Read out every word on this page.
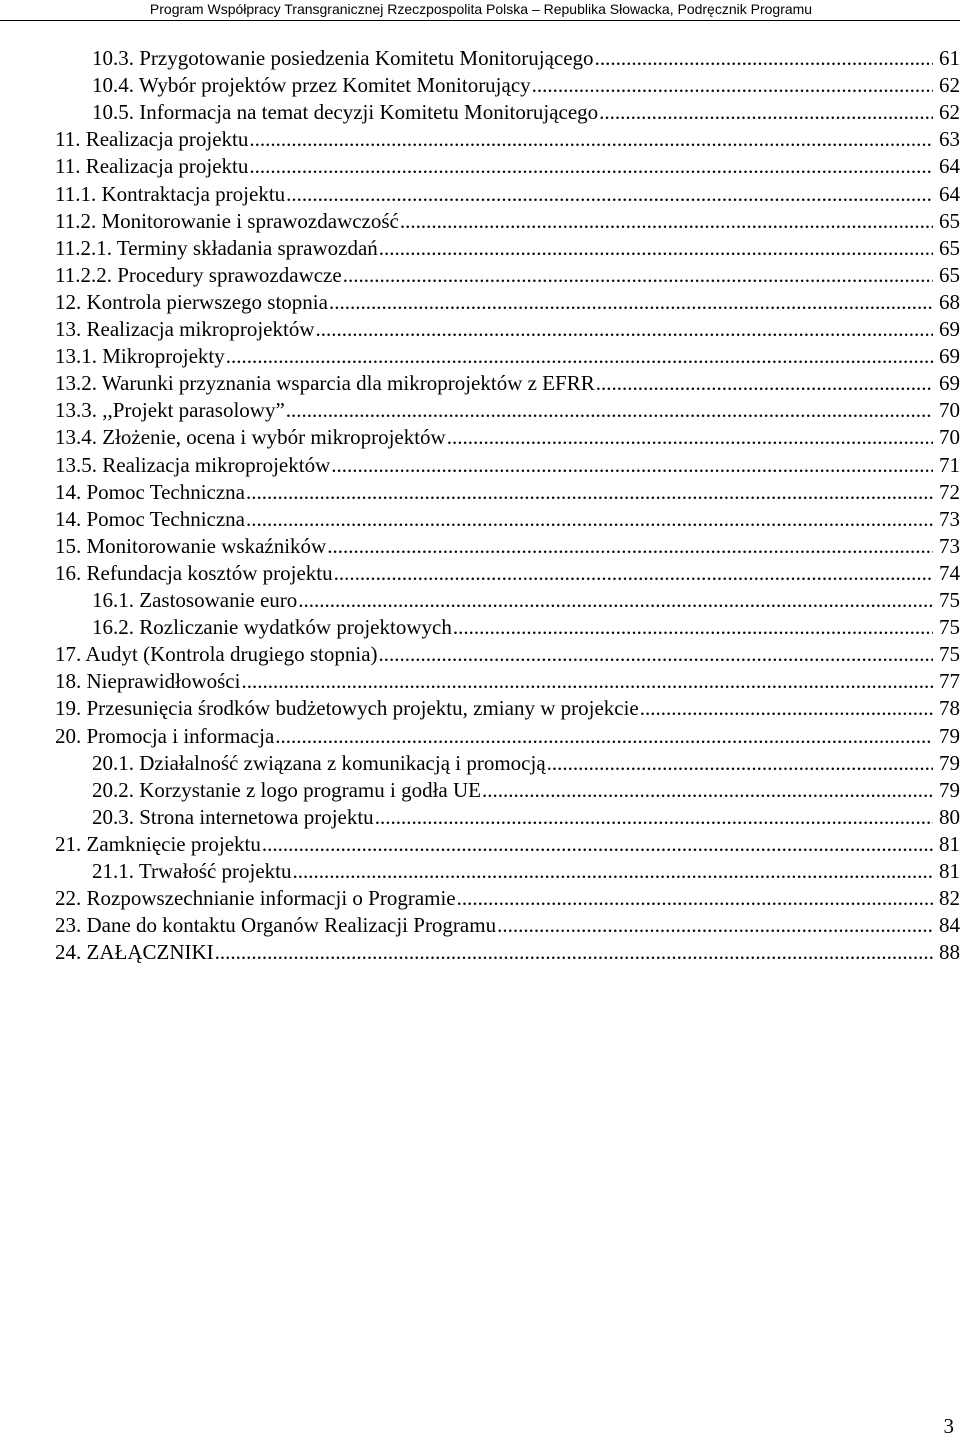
Program Współpracy Transgranicznej Rzeczpospolita Polska – Republika Słowacka, Podręcznik Programu
10.3. Przygotowanie posiedzenia Komitetu Monitorującego .....	61
10.4. Wybór projektów przez Komitet Monitorujący .....	62
10.5. Informacja na temat decyzji Komitetu Monitorującego .....	62
11. Realizacja projektu .....	63
11. Realizacja projektu .....	64
11.1. Kontraktacja projektu .....	64
11.2. Monitorowanie i sprawozdawczość .....	65
11.2.1. Terminy składania sprawozdań .....	65
11.2.2. Procedury sprawozdawcze .....	65
12. Kontrola pierwszego stopnia .....	68
13. Realizacja mikroprojektów .....	69
13.1. Mikroprojekty .....	69
13.2. Warunki przyznania wsparcia dla mikroprojektów z EFRR .....	69
13.3. ,,Projekt parasolowy” .....	70
13.4. Złożenie, ocena i wybór mikroprojektów .....	70
13.5. Realizacja mikroprojektów .....	71
14. Pomoc Techniczna .....	72
14. Pomoc Techniczna .....	73
15. Monitorowanie wskaźników .....	73
16. Refundacja kosztów projektu .....	74
16.1. Zastosowanie euro .....	75
16.2. Rozliczanie wydatków projektowych .....	75
17. Audyt (Kontrola drugiego stopnia) .....	75
18. Nieprawidłowości .....	77
19. Przesunięcia środków budżetowych projektu, zmiany w projekcie .....	78
20. Promocja i informacja .....	79
20.1. Działalność związana z komunikacją i promocją .....	79
20.2. Korzystanie z logo programu i godła UE .....	79
20.3. Strona internetowa projektu .....	80
21. Zamknięcie projektu .....	81
21.1. Trwałość projektu .....	81
22. Rozpowszechnianie informacji o Programie .....	82
23. Dane do kontaktu Organów Realizacji Programu .....	84
24. ZAŁĄCZNIKI .....	88
3
